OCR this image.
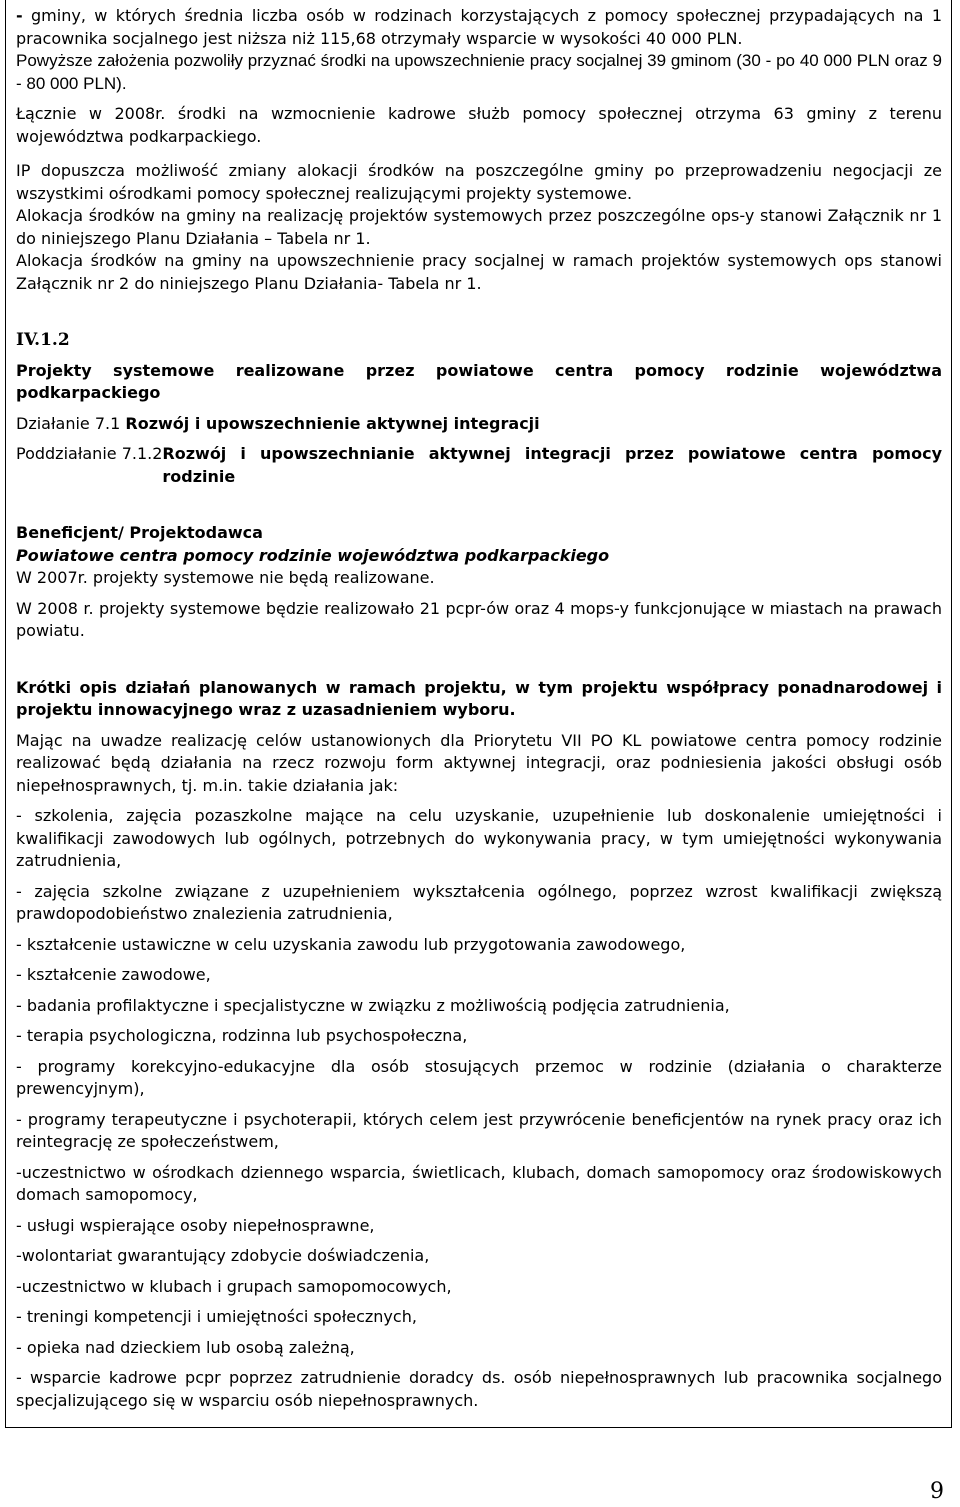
- gminy, w których średnia liczba osób w rodzinach korzystających z pomocy społecznej przypadających na 1 pracownika socjalnego jest niższa niż 115,68 otrzymały wsparcie w wysokości 40 000 PLN.

Powyższe założenia pozwoliły przyznać środki na upowszechnienie pracy socjalnej 39 gminom (30 - po 40 000 PLN oraz 9 - 80 000 PLN).

Łącznie w 2008r. środki na wzmocnienie kadrowe służb pomocy społecznej otrzyma 63 gminy z terenu województwa podkarpackiego.

IP dopuszcza możliwość zmiany alokacji środków na poszczególne gminy po przeprowadzeniu negocjacji ze wszystkimi ośrodkami pomocy społecznej realizującymi projekty systemowe.

Alokacja środków na gminy na realizację projektów systemowych przez poszczególne ops-y stanowi Załącznik nr 1 do niniejszego Planu Działania – Tabela nr 1.

Alokacja środków na gminy na upowszechnienie pracy socjalnej w ramach projektów systemowych ops stanowi Załącznik nr 2 do niniejszego Planu Działania- Tabela nr 1.

IV.1.2

Projekty systemowe realizowane przez powiatowe centra pomocy rodzinie województwa podkarpackiego

Działanie 7.1 Rozwój i upowszechnienie aktywnej integracji

Poddziałanie 7.1.2 Rozwój i upowszechnianie aktywnej integracji przez powiatowe centra pomocy rodzinie

Beneficjent/ Projektodawca

Powiatowe centra pomocy rodzinie województwa podkarpackiego

W 2007r. projekty systemowe nie będą realizowane.

W 2008 r. projekty systemowe będzie realizowało 21 pcpr-ów oraz 4 mops-y funkcjonujące w miastach na prawach powiatu.

Krótki opis działań planowanych w ramach projektu, w tym projektu współpracy ponadnarodowej i projektu innowacyjnego wraz z uzasadnieniem wyboru.

Mając na uwadze realizację celów ustanowionych dla Priorytetu VII PO KL powiatowe centra pomocy rodzinie realizować będą działania na rzecz rozwoju form aktywnej integracji, oraz podniesienia jakości obsługi osób niepełnosprawnych, tj. m.in. takie działania jak:

- szkolenia, zajęcia pozaszkolne mające na celu uzyskanie, uzupełnienie lub doskonalenie umiejętności i kwalifikacji zawodowych lub ogólnych, potrzebnych do wykonywania pracy, w tym umiejętności wykonywania zatrudnienia,

- zajęcia szkolne związane z uzupełnieniem wykształcenia ogólnego, poprzez wzrost kwalifikacji zwiększą prawdopodobieństwo znalezienia zatrudnienia,

- kształcenie ustawiczne w celu uzyskania zawodu lub przygotowania zawodowego,

- kształcenie zawodowe,

- badania profilaktyczne i specjalistyczne w związku z możliwością podjęcia zatrudnienia,

- terapia psychologiczna, rodzinna lub psychospołeczna,

- programy korekcyjno-edukacyjne dla osób stosujących przemoc w rodzinie (działania o charakterze prewencyjnym),

- programy terapeutyczne i psychoterapii, których celem jest przywrócenie beneficjentów na rynek pracy oraz ich reintegrację ze społeczeństwem,

-uczestnictwo w ośrodkach dziennego wsparcia, świetlicach, klubach, domach samopomocy oraz środowiskowych domach samopomocy,

- usługi wspierające osoby niepełnosprawne,

-wolontariat gwarantujący zdobycie doświadczenia,

-uczestnictwo w klubach i grupach samopomocowych,

- treningi kompetencji i umiejętności społecznych,

- opieka nad dzieckiem lub osobą zależną,

- wsparcie kadrowe pcpr poprzez zatrudnienie doradcy ds. osób niepełnosprawnych lub pracownika socjalnego specjalizującego się w wsparciu osób niepełnosprawnych.

9
